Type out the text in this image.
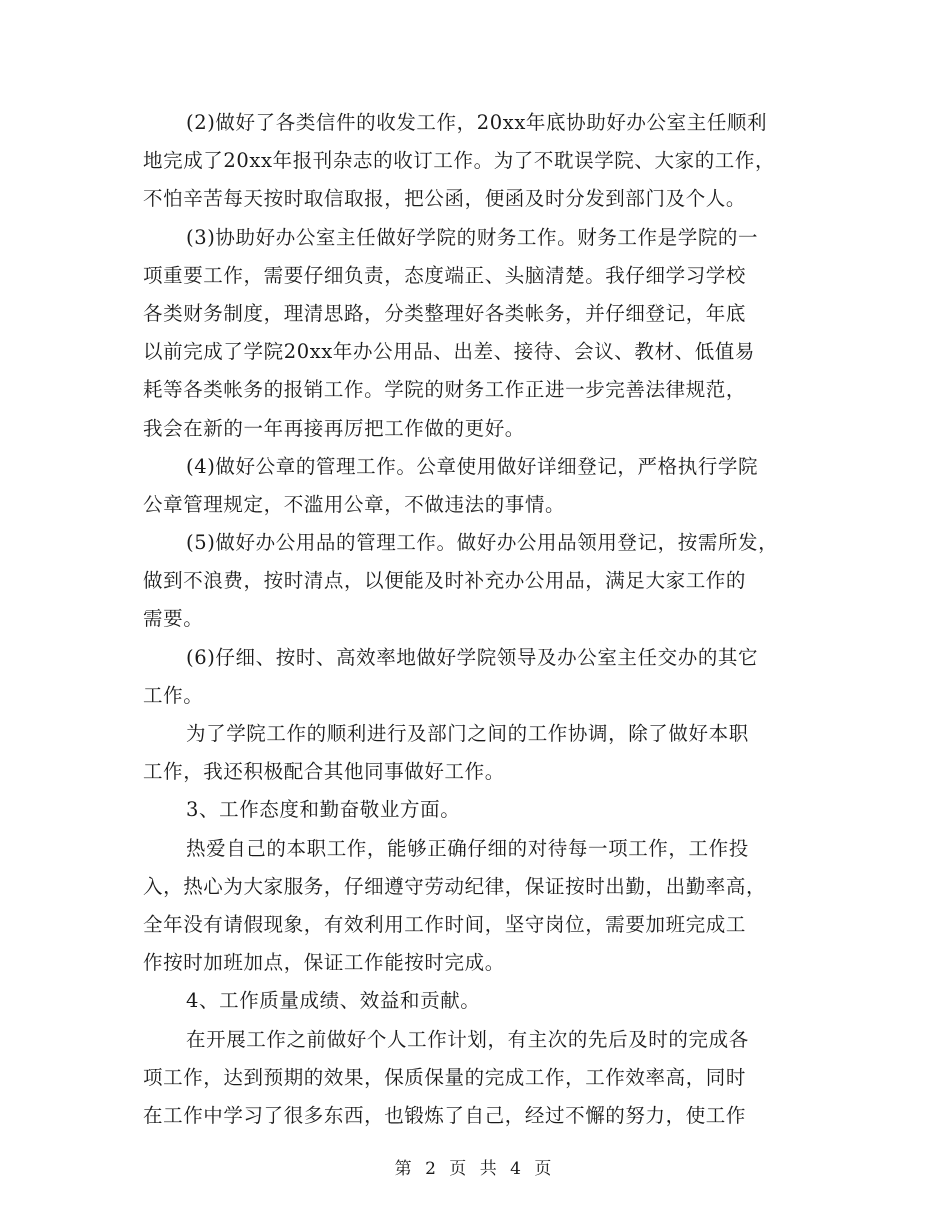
(2)做好了各类信件的收发工作，20xx年底协助好办公室主任顺利
地完成了20xx年报刊杂志的收订工作。为了不耽误学院、大家的工作，
不怕辛苦每天按时取信取报，把公函，便函及时分发到部门及个人。
(3)协助好办公室主任做好学院的财务工作。财务工作是学院的一
项重要工作，需要仔细负责，态度端正、头脑清楚。我仔细学习学校
各类财务制度，理清思路，分类整理好各类帐务，并仔细登记，年底
以前完成了学院20xx年办公用品、出差、接待、会议、教材、低值易
耗等各类帐务的报销工作。学院的财务工作正进一步完善法律规范，
我会在新的一年再接再厉把工作做的更好。
(4)做好公章的管理工作。公章使用做好详细登记，严格执行学院
公章管理规定，不滥用公章，不做违法的事情。
(5)做好办公用品的管理工作。做好办公用品领用登记，按需所发，
做到不浪费，按时清点，以便能及时补充办公用品，满足大家工作的
需要。
(6)仔细、按时、高效率地做好学院领导及办公室主任交办的其它
工作。
为了学院工作的顺利进行及部门之间的工作协调，除了做好本职
工作，我还积极配合其他同事做好工作。
3、工作态度和勤奋敬业方面。
热爱自己的本职工作，能够正确仔细的对待每一项工作，工作投
入，热心为大家服务，仔细遵守劳动纪律，保证按时出勤，出勤率高，
全年没有请假现象，有效利用工作时间，坚守岗位，需要加班完成工
作按时加班加点，保证工作能按时完成。
4、工作质量成绩、效益和贡献。
在开展工作之前做好个人工作计划，有主次的先后及时的完成各
项工作，达到预期的效果，保质保量的完成工作，工作效率高，同时
在工作中学习了很多东西，也锻炼了自己，经过不懈的努力，使工作
第 2 页 共 4 页
